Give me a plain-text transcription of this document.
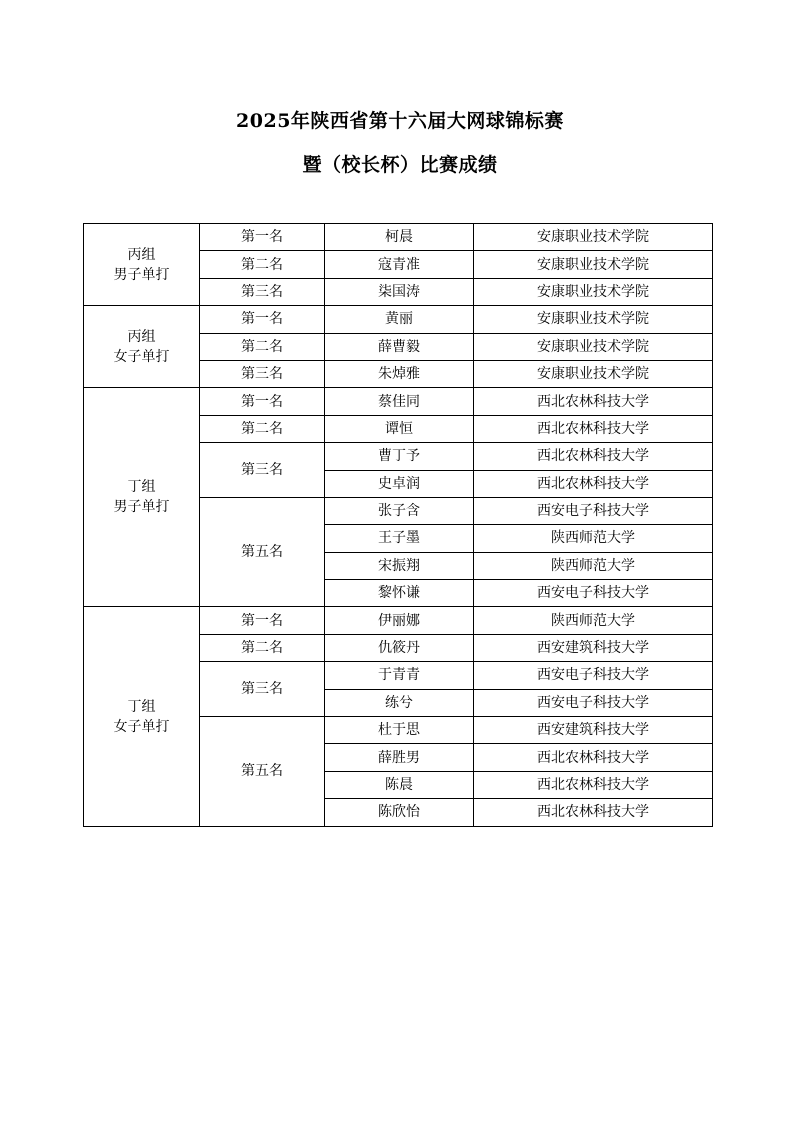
2025年陕西省第十六届大网球锦标赛
暨（校长杯）比赛成绩
丙组
男子单打	第一名	柯晨	安康职业技术学院
	第二名	寇青准	安康职业技术学院
	第三名	柒国涛	安康职业技术学院

丙组
女子单打	第一名	黄丽	安康职业技术学院
	第二名	薛曹毅	安康职业技术学院
	第三名	朱焯雅	安康职业技术学院

丁组
男子单打	第一名	蔡佳同	西北农林科技大学
	第二名	谭恒	西北农林科技大学
	第三名	曹丁予	西北农林科技大学
		史卓润	西北农林科技大学
	第五名	张子含	西安电子科技大学
		王子墨	陕西师范大学
		宋振翔	陕西师范大学
		黎怀谦	西安电子科技大学

丁组
女子单打	第一名	伊丽娜	陕西师范大学
	第二名	仇筱丹	西安建筑科技大学
	第三名	于青青	西安电子科技大学
		练兮	西安电子科技大学
	第五名	杜于思	西安建筑科技大学
		薛胜男	西北农林科技大学
		陈晨	西北农林科技大学
		陈欣怡	西北农林科技大学
